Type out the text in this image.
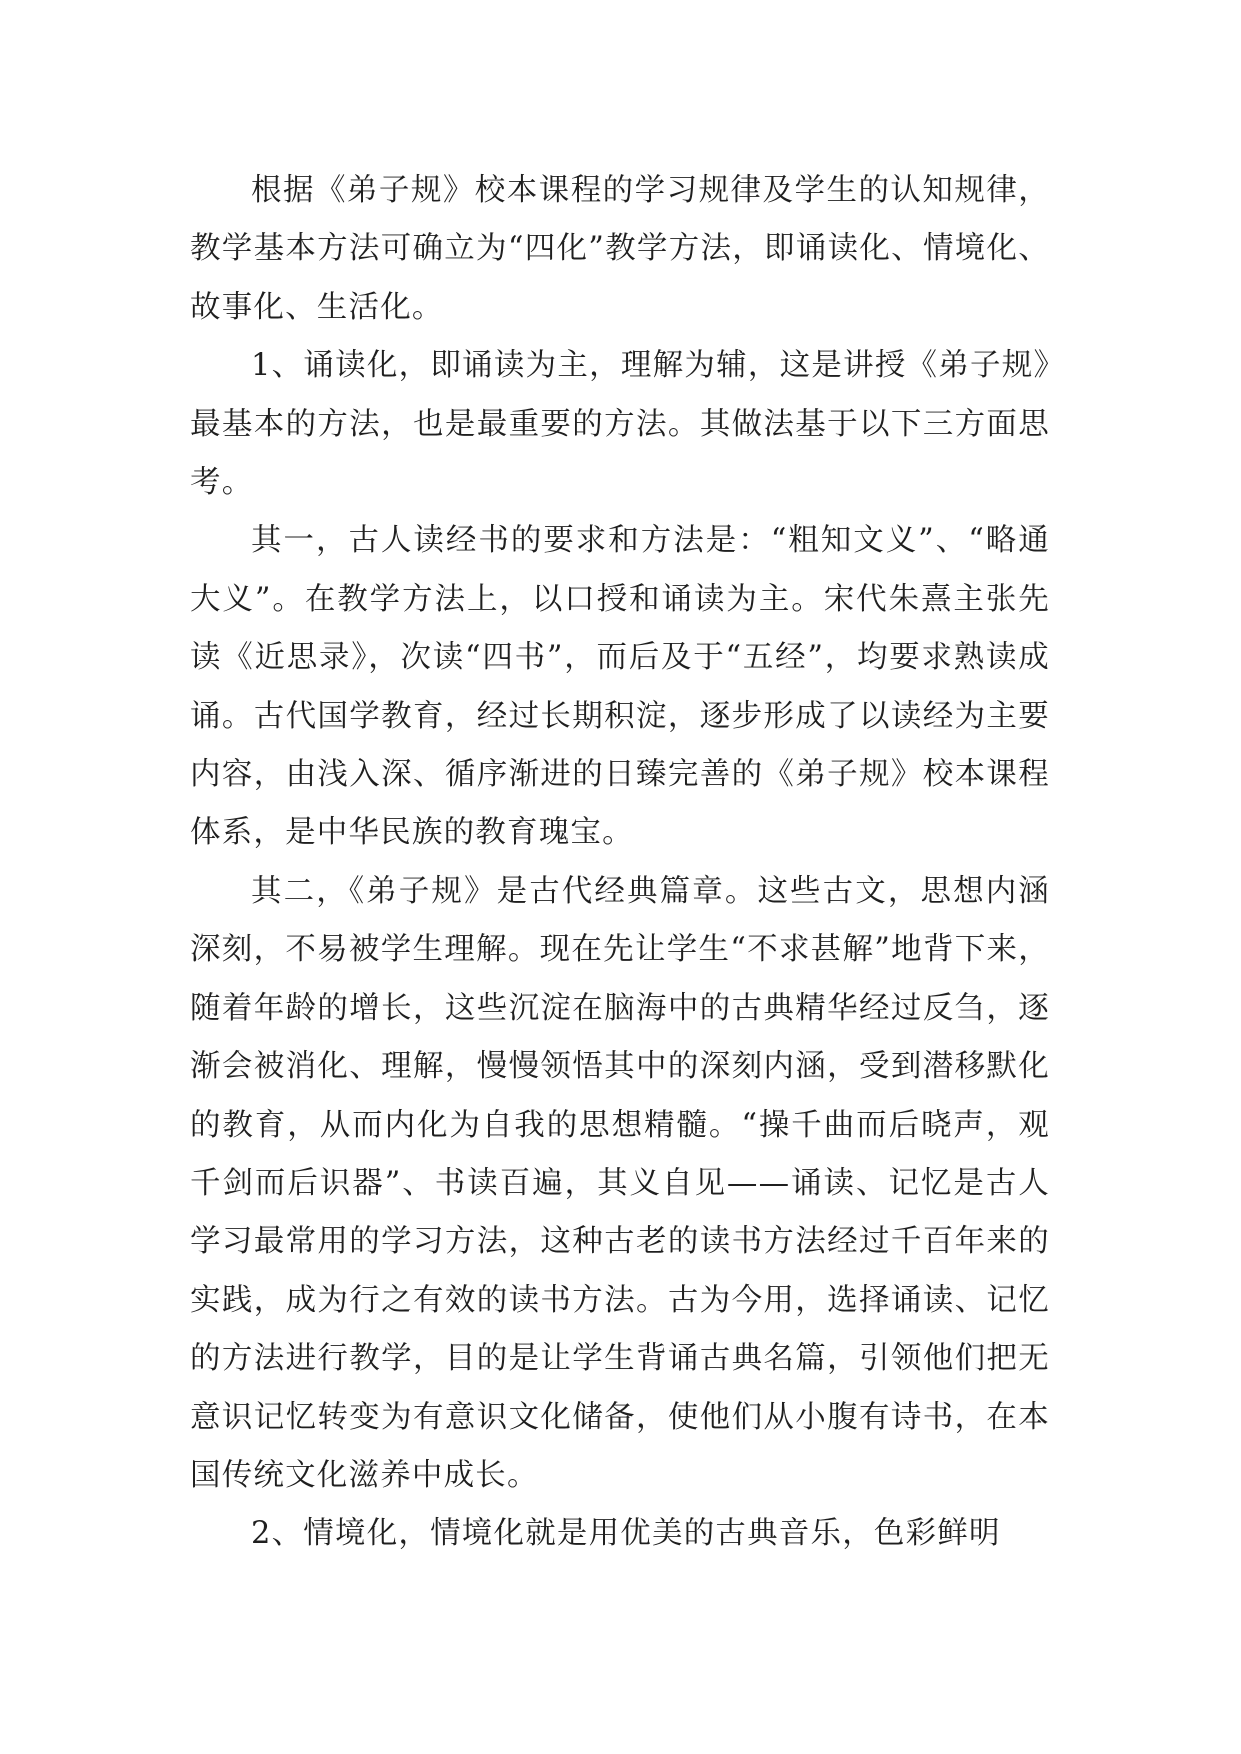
根据《弟子规》校本课程的学习规律及学生的认知规律，教学基本方法可确立为“四化”教学方法，即诵读化、情境化、故事化、生活化。

1、诵读化，即诵读为主，理解为辅，这是讲授《弟子规》最基本的方法，也是最重要的方法。其做法基于以下三方面思考。

其一，古人读经书的要求和方法是：“粗知文义”、“略通大义”。在教学方法上，以口授和诵读为主。宋代朱熹主张先读《近思录》，次读“四书”，而后及于“五经”，均要求熟读成诵。古代国学教育，经过长期积淀，逐步形成了以读经为主要内容，由浅入深、循序渐进的日臻完善的《弟子规》校本课程体系，是中华民族的教育瑰宝。

其二，《弟子规》是古代经典篇章。这些古文，思想内涵深刻，不易被学生理解。现在先让学生“不求甚解”地背下来，随着年龄的增长，这些沉淀在脑海中的古典精华经过反刍，逐渐会被消化、理解，慢慢领悟其中的深刻内涵，受到潜移默化的教育，从而内化为自我的思想精髓。“操千曲而后晓声，观千剑而后识器”、书读百遍，其义自见——诵读、记忆是古人学习最常用的学习方法，这种古老的读书方法经过千百年来的实践，成为行之有效的读书方法。古为今用，选择诵读、记忆的方法进行教学，目的是让学生背诵古典名篇，引领他们把无意识记忆转变为有意识文化储备，使他们从小腹有诗书，在本国传统文化滋养中成长。

2、情境化，情境化就是用优美的古典音乐，色彩鲜明
